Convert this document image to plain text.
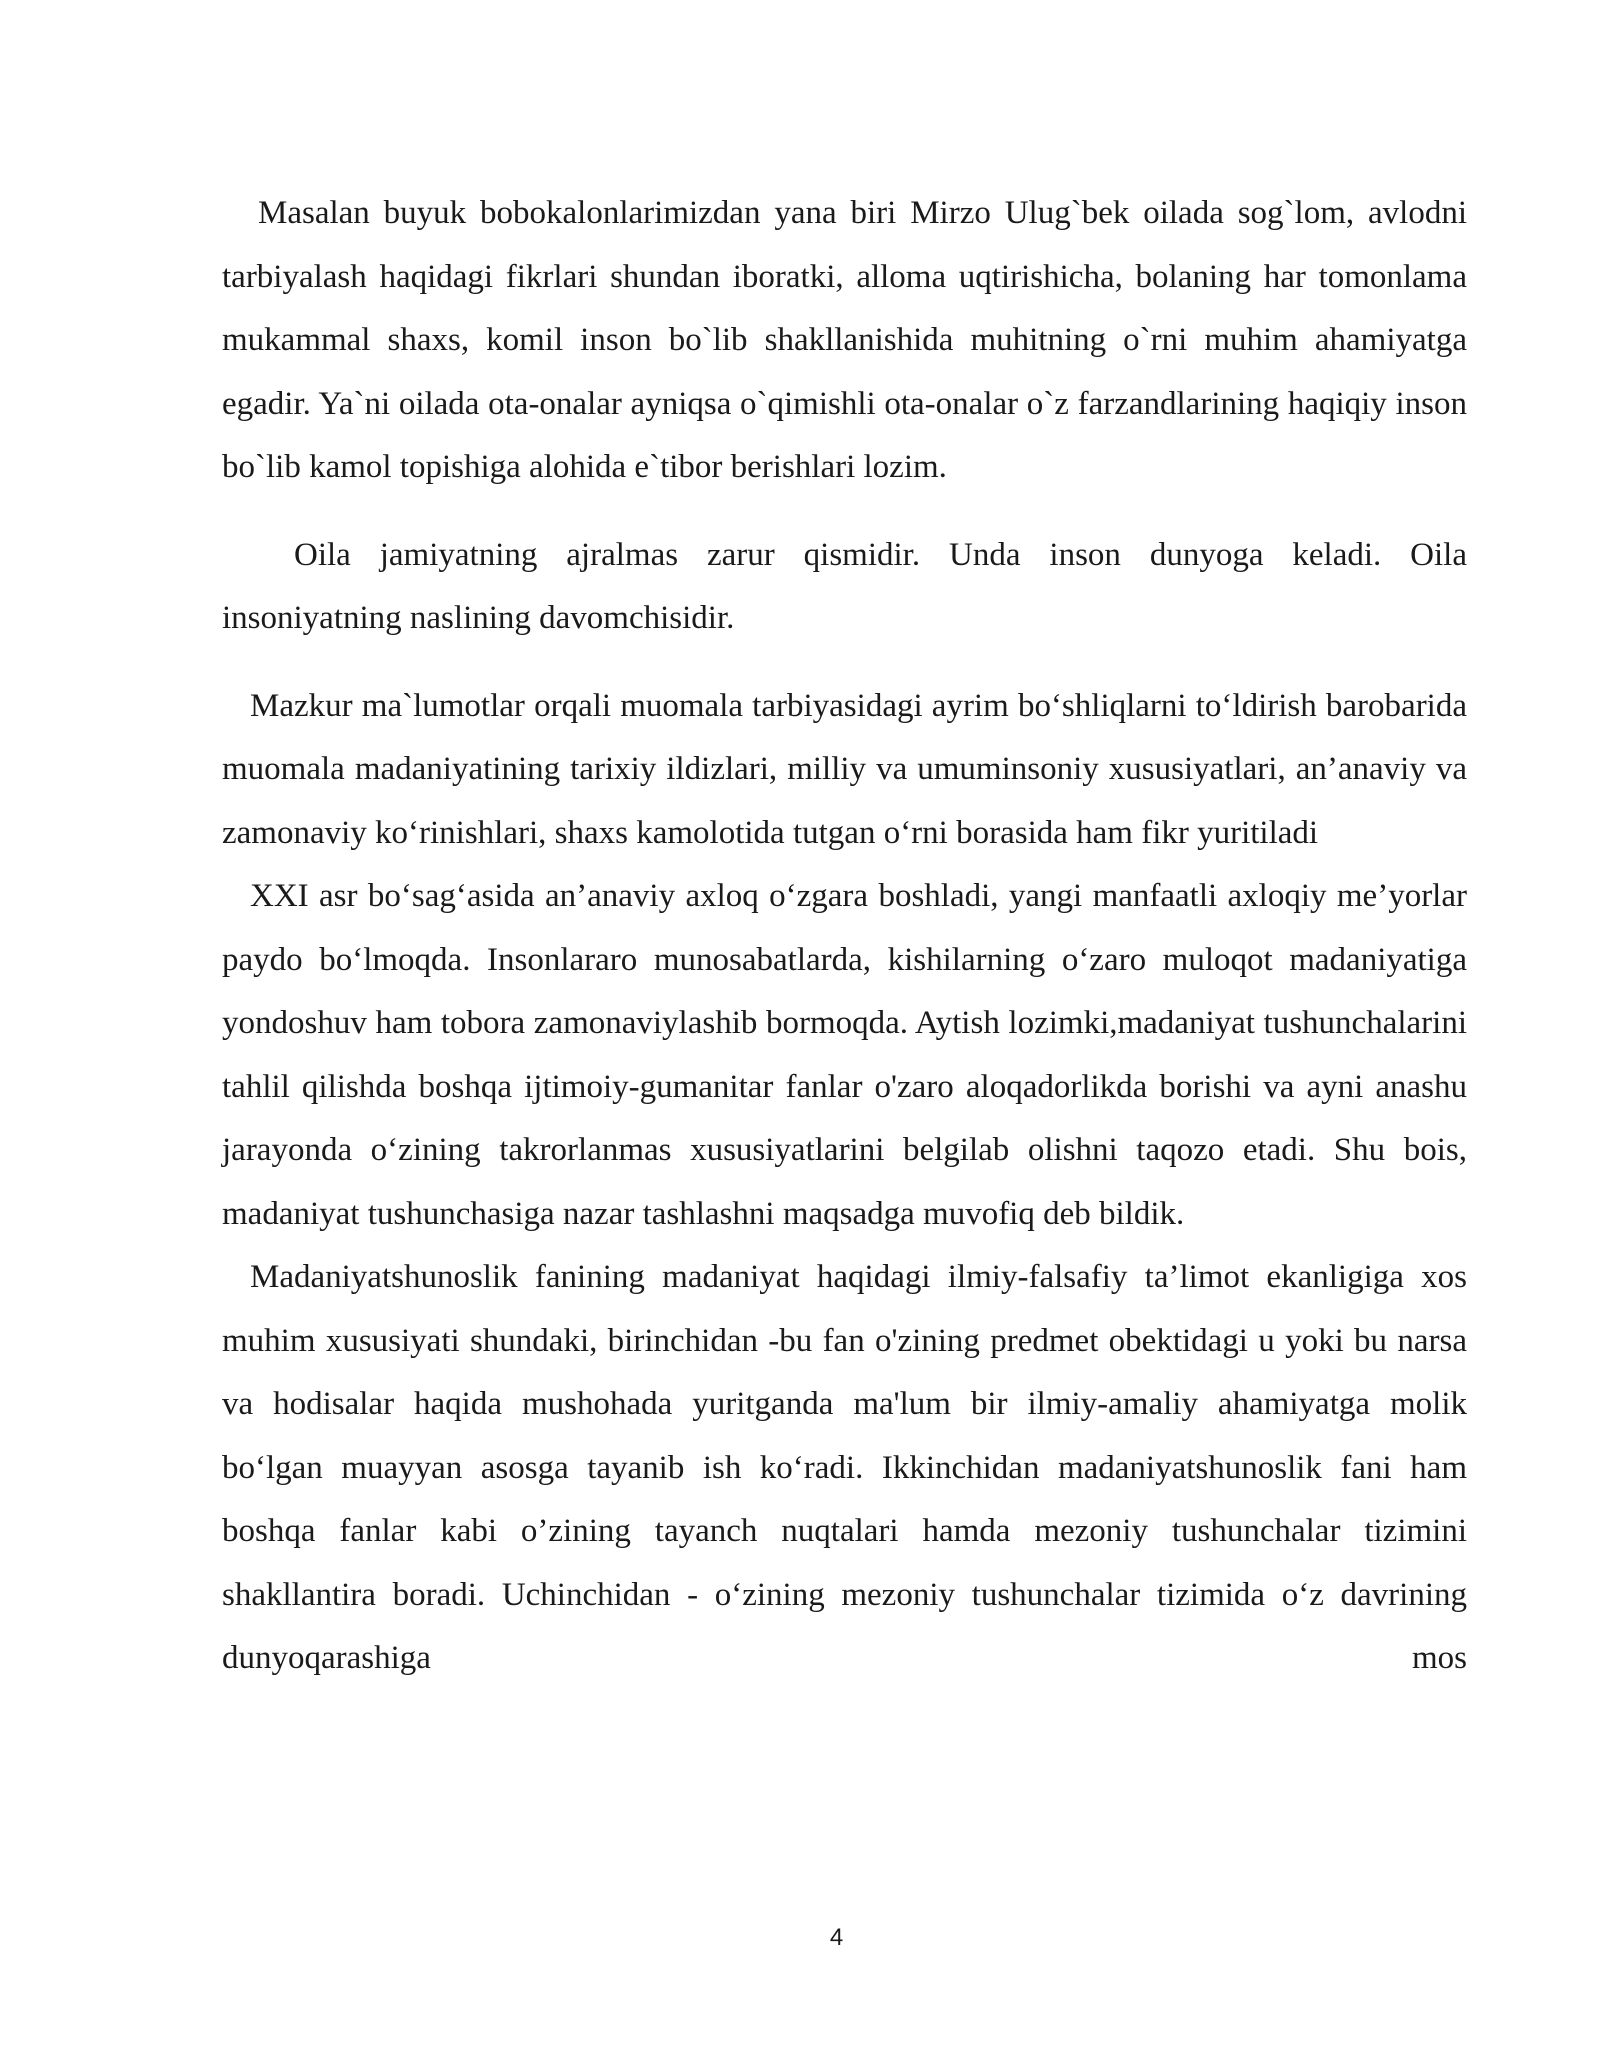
Masalan buyuk bobokalonlarimizdan yana biri Mirzo Ulug`bek oilada sog`lom, avlodni tarbiyalash haqidagi fikrlari shundan iboratki, alloma uqtirishicha, bolaning har tomonlama mukammal shaxs, komil inson bo`lib shakllanishida muhitning o`rni muhim ahamiyatga egadir. Ya`ni oilada ota-onalar ayniqsa o`qimishli ota-onalar o`z farzandlarining haqiqiy inson bo`lib kamol topishiga alohida e`tibor berishlari lozim.

Oila jamiyatning ajralmas zarur qismidir. Unda inson dunyoga keladi. Oila insoniyatning naslining davomchisidir.

Mazkur ma`lumotlar orqali muomala tarbiyasidagi ayrim bo‘shliqlarni to‘ldirish barobarida muomala madaniyatining tarixiy ildizlari, milliy va umuminsoniy xususiyatlari, an’anaviy va zamonaviy ko‘rinishlari, shaxs kamolotida tutgan o‘rni borasida ham fikr yuritiladi

XXI asr bo‘sag‘asida an’anaviy axloq o‘zgara boshladi, yangi manfaatli axloqiy me’yorlar paydo bo‘lmoqda. Insonlararo munosabatlarda, kishilarning o‘zaro muloqot madaniyatiga yondoshuv ham tobora zamonaviylashib bormoqda. Aytish lozimki,madaniyat tushunchalarini tahlil qilishda boshqa ijtimoiy-gumanitar fanlar o'zaro aloqadorlikda borishi va ayni anashu jarayonda o‘zining takrorlanmas xususiyatlarini belgilab olishni taqozo etadi. Shu bois, madaniyat tushunchasiga nazar tashlashni maqsadga muvofiq deb bildik.

Madaniyatshunoslik fanining madaniyat haqidagi ilmiy-falsafiy ta’limot ekanligiga xos muhim xususiyati shundaki, birinchidan -bu fan o'zining predmet obektidagi u yoki bu narsa va hodisalar haqida mushohada yuritganda ma'lum bir ilmiy-amaliy ahamiyatga molik bo‘lgan muayyan asosga tayanib ish ko‘radi. Ikkinchidan madaniyatshunoslik fani ham boshqa fanlar kabi o’zining tayanch nuqtalari hamda mezoniy tushunchalar tizimini shakllantira boradi. Uchinchidan - o‘zining mezoniy tushunchalar tizimida o‘z davrining dunyoqarashiga mos

4
